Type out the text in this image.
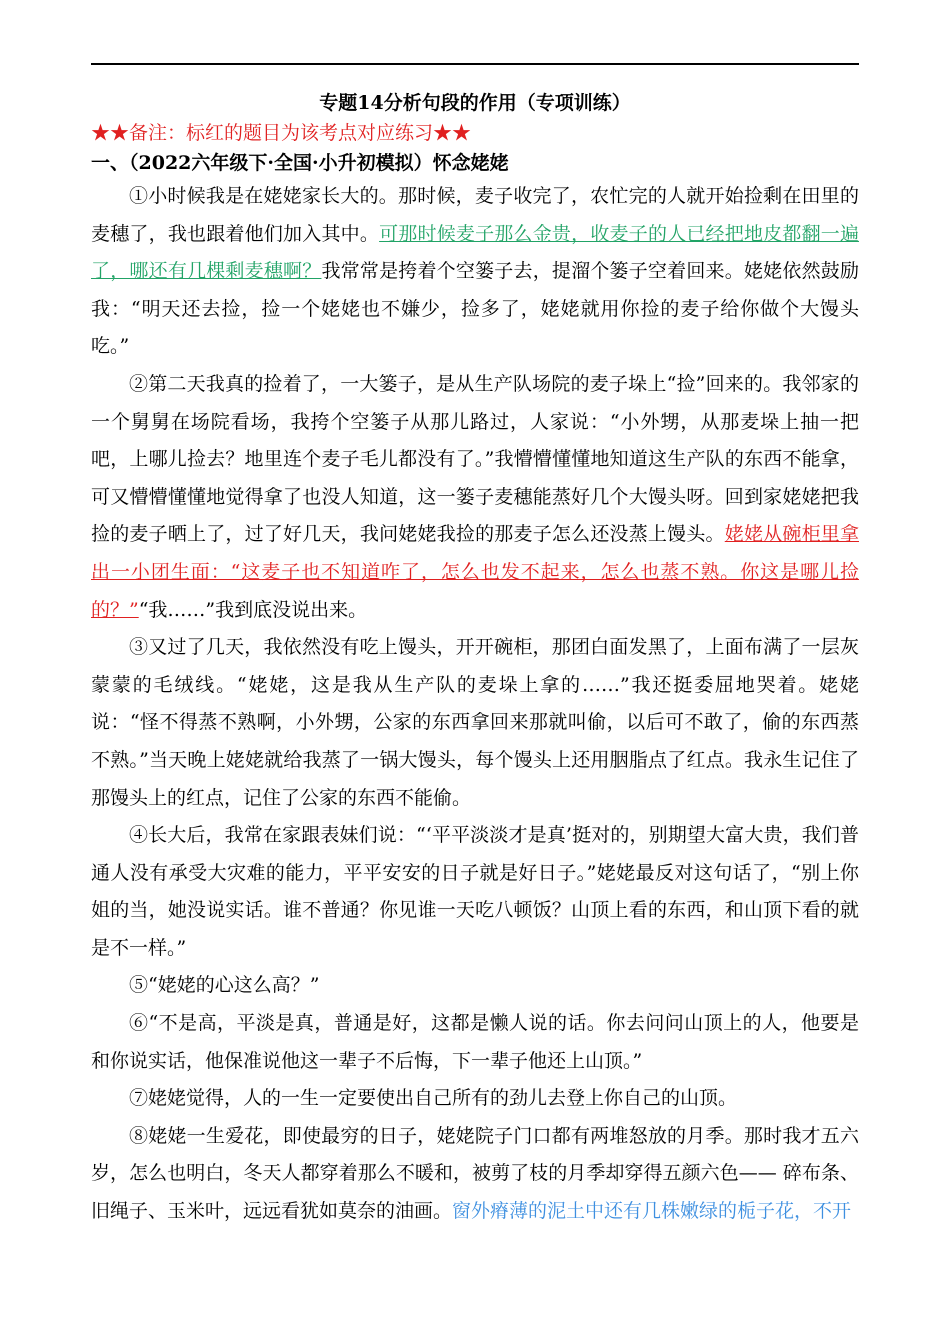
专题14分析句段的作用（专项训练）

★★备注：标红的题目为该考点对应练习★★

一、（2022六年级下·全国·小升初模拟）怀念姥姥

①小时候我是在姥姥家长大的。那时候，麦子收完了，农忙完的人就开始捡剩在田里的麦穗了，我也跟着他们加入其中。可那时候麦子那么金贵，收麦子的人已经把地皮都翻一遍了，哪还有几棵剩麦穗啊？我常常是挎着个空篓子去，提溜个篓子空着回来。姥姥依然鼓励我：“明天还去捡，捡一个姥姥也不嫌少，捡多了，姥姥就用你捡的麦子给你做个大馒头吃。”

②第二天我真的捡着了，一大篓子，是从生产队场院的麦子垛上“捡”回来的。我邻家的一个舅舅在场院看场，我挎个空篓子从那儿路过，人家说：“小外甥，从那麦垛上抽一把吧，上哪儿捡去？地里连个麦子毛儿都没有了。”我懵懵懂懂地知道这生产队的东西不能拿，可又懵懵懂懂地觉得拿了也没人知道，这一篓子麦穗能蒸好几个大馒头呀。回到家姥姥把我捡的麦子晒上了，过了好几天，我问姥姥我捡的那麦子怎么还没蒸上馒头。姥姥从碗柜里拿出一小团生面：“这麦子也不知道咋了，怎么也发不起来，怎么也蒸不熟。你这是哪儿捡的？”“我……”我到底没说出来。

③又过了几天，我依然没有吃上馒头，开开碗柜，那团白面发黑了，上面布满了一层灰蒙蒙的毛绒线。“姥姥，这是我从生产队的麦垛上拿的……”我还挺委屈地哭着。姥姥说：“怪不得蒸不熟啊，小外甥，公家的东西拿回来那就叫偷，以后可不敢了，偷的东西蒸不熟。”当天晚上姥姥就给我蒸了一锅大馒头，每个馒头上还用胭脂点了红点。我永生记住了那馒头上的红点，记住了公家的东西不能偷。

④长大后，我常在家跟表妹们说：“‘平平淡淡才是真’挺对的，别期望大富大贵，我们普通人没有承受大灾难的能力，平平安安的日子就是好日子。”姥姥最反对这句话了，“别上你姐的当，她没说实话。谁不普通？你见谁一天吃八顿饭？山顶上看的东西，和山顶下看的就是不一样。”

⑤“姥姥的心这么高？”

⑥“不是高，平淡是真，普通是好，这都是懒人说的话。你去问问山顶上的人，他要是和你说实话，他保准说他这一辈子不后悔，下一辈子他还上山顶。”

⑦姥姥觉得，人的一生一定要使出自己所有的劲儿去登上你自己的山顶。

⑧姥姥一生爱花，即使最穷的日子，姥姥院子门口都有两堆怒放的月季。那时我才五六岁，怎么也明白，冬天人都穿着那么不暖和，被剪了枝的月季却穿得五颜六色—— 碎布条、旧绳子、玉米叶，远远看犹如莫奈的油画。窗外瘠薄的泥土中还有几株嫩绿的栀子花，不开
